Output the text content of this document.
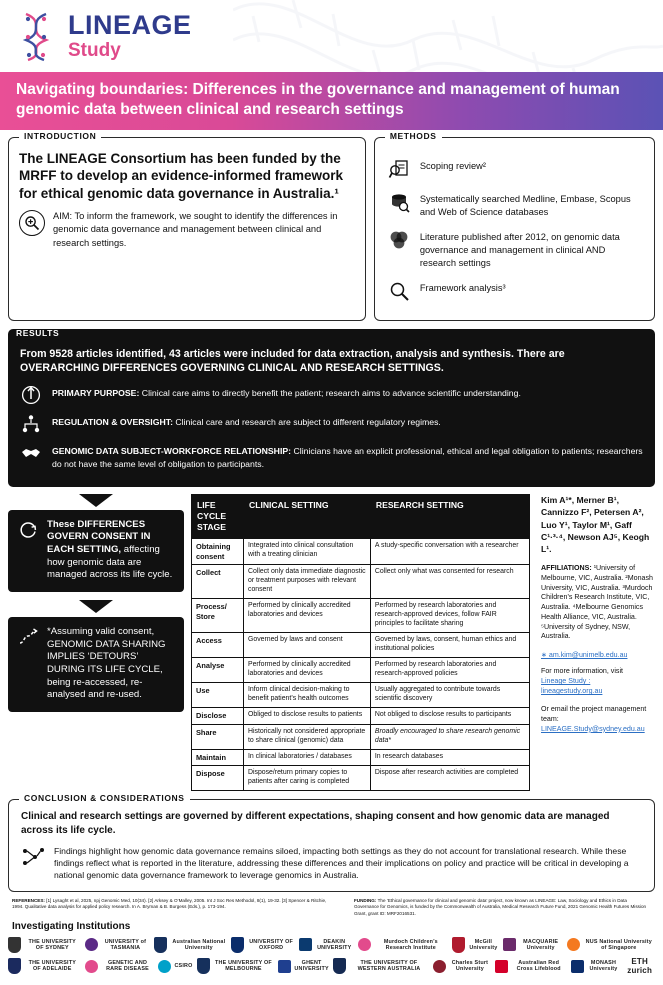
LINEAGE
Study
Navigating boundaries: Differences in the governance and management of human genomic data between clinical and research settings
INTRODUCTION
The LINEAGE Consortium has been funded by the MRFF to develop an evidence-informed framework for ethical genomic data governance in Australia.¹
AIM: To inform the framework, we sought to identify the differences in genomic data governance and management between clinical and research settings.
METHODS
Scoping review²
Systematically searched Medline, Embase, Scopus and Web of Science databases
Literature published after 2012, on genomic data governance and management in clinical AND research settings
Framework analysis³
RESULTS
From 9528 articles identified, 43 articles were included for data extraction, analysis and synthesis. There are OVERARCHING DIFFERENCES GOVERNING CLINICAL AND RESEARCH SETTINGS.
PRIMARY PURPOSE: Clinical care aims to directly benefit the patient; research aims to advance scientific understanding.
REGULATION & OVERSIGHT: Clinical care and research are subject to different regulatory regimes.
GENOMIC DATA SUBJECT-WORKFORCE RELATIONSHIP: Clinicians have an explicit professional, ethical and legal obligation to patients; researchers do not have the same level of obligation to participants.
These DIFFERENCES GOVERN CONSENT IN EACH SETTING, affecting how genomic data are managed across its life cycle.
*Assuming valid consent, GENOMIC DATA SHARING IMPLIES ‘DETOURS’ DURING ITS LIFE CYCLE, being re-accessed, re-analysed and re-used.
LIFE CYCLE STAGE	CLINICAL SETTING	RESEARCH SETTING
Obtaining consent	Integrated into clinical consultation with a treating clinician	A study-specific conversation with a researcher
Collect	Collect only data immediate diagnostic or treatment purposes with relevant consent	Collect only what was consented for research
Process/ Store	Performed by clinically accredited laboratories and devices	Performed by research laboratories and research-approved devices, follow FAIR principles to facilitate sharing
Access	Governed by laws and consent	Governed by laws, consent, human ethics and institutional policies
Analyse	Performed by clinically accredited laboratories and devices	Performed by research laboratories and research-approved policies
Use	Inform clinical decision-making to benefit patient’s health outcomes	Usually aggregated to contribute towards scientific discovery
Disclose	Obliged to disclose results to patients	Not obliged to disclose results to participants
Share	Historically not considered appropriate to share clinical (genomic) data	Broadly encouraged to share research genomic data*
Maintain	In clinical laboratories / databases	In research databases
Dispose	Dispose/return primary copies to patients after caring is completed	Dispose after research activities are completed
Kim A¹*, Merner B¹, Cannizzo F², Petersen A², Luo Y¹, Taylor M¹, Gaff C¹·³·⁴, Newson AJ⁵, Keogh L¹.
AFFILIATIONS: ¹University of Melbourne, VIC, Australia. ²Monash University, VIC, Australia. ³Murdoch Children’s Research Institute, VIC, Australia. ⁴Melbourne Genomics Health Alliance, VIC, Australia. ⁵University of Sydney, NSW, Australia.
∗ am.kim@unimelb.edu.au
For more information, visit
Lineage Study :
lineagestudy.org.au
Or email the project management team:
LINEAGE.Study@sydney.edu.au
CONCLUSION & CONSIDERATIONS
Clinical and research settings are governed by different expectations, shaping consent and how genomic data are managed across its life cycle.
Findings highlight how genomic data governance remains siloed, impacting both settings as they do not account for translational research. While these findings reflect what is reported in the literature, addressing these differences and their implications on policy and practice will be critical in developing a national genomic data governance framework to leverage genomics in Australia.
REFERENCES: [1] Lysaght et al, 2025, npj Genomic Med, 10(34). [2] Arksey & O’Malley, 2005. Int J Soc Res Methodol, 8(1), 19-32. [3] Spencer & Ritchie, 1994. Qualitative data analysis for applied policy research. In A. Bryman & B. Burgess (Eds.), p. 173-194.
FUNDING: The ‘Ethical governance for clinical and genomic data’ project, now known as LINEAGE: Law, Sociology and Ethics in Data Governance for Genomics, is funded by the Commonwealth of Australia, Medical Research Future Fund, 2021 Genomic Health Futures Mission Grant, grant ID: MRF2016531.
Investigating Institutions
THE UNIVERSITY OF SYDNEY
UNIVERSITY of TASMANIA
Australian National University
UNIVERSITY OF OXFORD
DEAKIN UNIVERSITY
Murdoch Children’s Research Institute
McGill University
MACQUARIE University
NUS National University of Singapore
THE UNIVERSITY OF ADELAIDE
GENETIC AND RARE DISEASE
CSIRO
THE UNIVERSITY OF MELBOURNE
GHENT UNIVERSITY
THE UNIVERSITY OF WESTERN AUSTRALIA
Charles Sturt University
Australian Red Cross Lifeblood
MONASH University
ETH zurich
